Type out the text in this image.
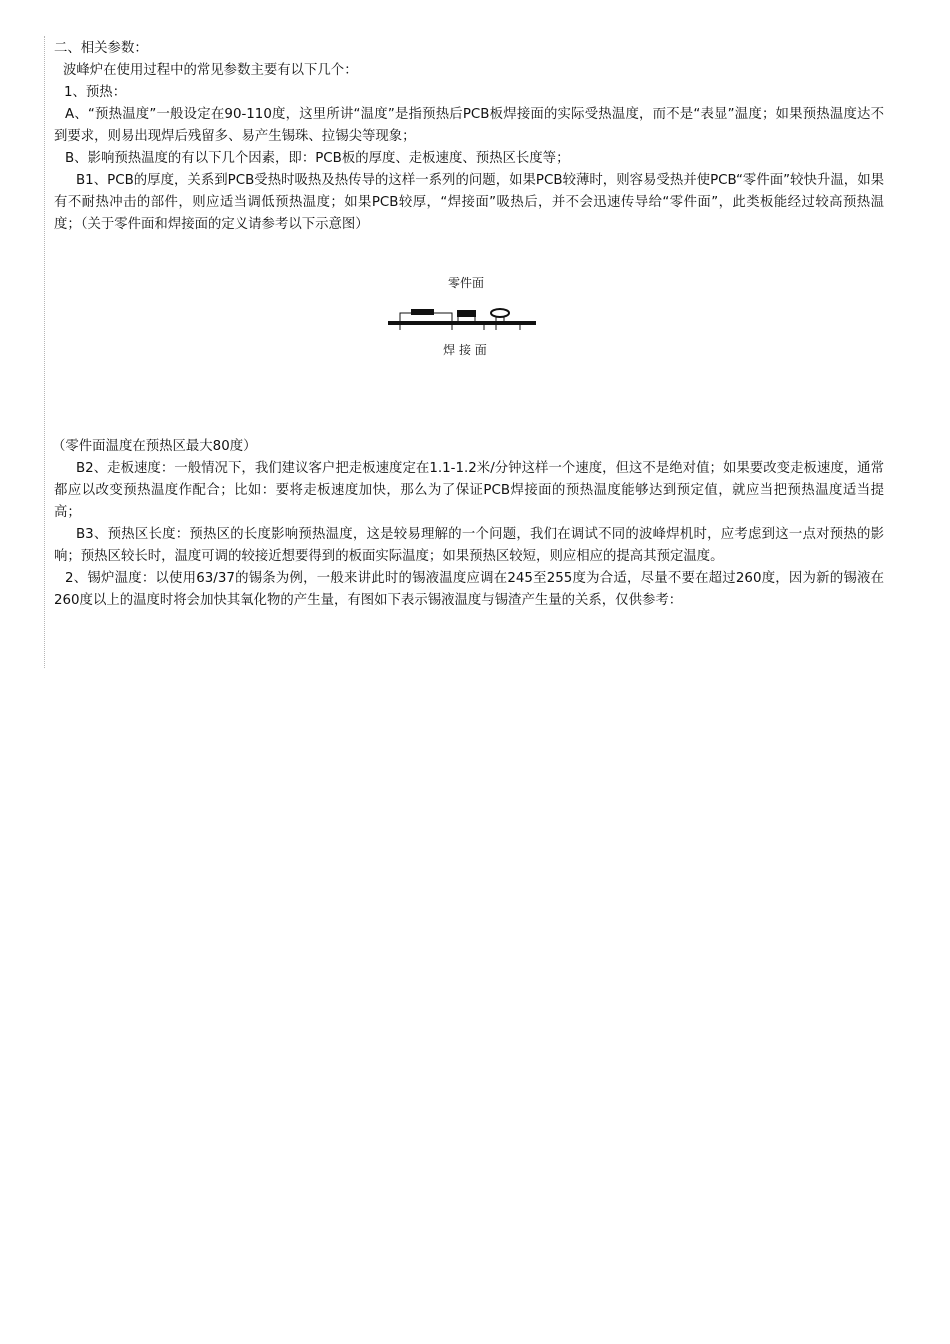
二、相关参数：
波峰炉在使用过程中的常见参数主要有以下几个：
1、预热：
A、“预热温度”一般设定在90-110度，这里所讲“温度”是指预热后PCB板焊接面的实际受热温度，而不是“表显”温度；如果预热温度达不到要求，则易出现焊后残留多、易产生锡珠、拉锡尖等现象；
B、影响预热温度的有以下几个因素，即：PCB板的厚度、走板速度、预热区长度等；
B1、PCB的厚度，关系到PCB受热时吸热及热传导的这样一系列的问题，如果PCB较薄时，则容易受热并使PCB“零件面”较快升温，如果有不耐热冲击的部件，则应适当调低预热温度；如果PCB较厚，“焊接面”吸热后，并不会迅速传导给“零件面”，此类板能经过较高预热温度；（关于零件面和焊接面的定义请参考以下示意图）
零件面
焊 接 面
（零件面温度在预热区最大80度）
B2、走板速度：一般情况下，我们建议客户把走板速度定在1.1-1.2米/分钟这样一个速度，但这不是绝对值；如果要改变走板速度，通常都应以改变预热温度作配合；比如：要将走板速度加快，那么为了保证PCB焊接面的预热温度能够达到预定值，就应当把预热温度适当提高；
B3、预热区长度：预热区的长度影响预热温度，这是较易理解的一个问题，我们在调试不同的波峰焊机时，应考虑到这一点对预热的影响；预热区较长时，温度可调的较接近想要得到的板面实际温度；如果预热区较短，则应相应的提高其预定温度。
2、锡炉温度：以使用63/37的锡条为例，一般来讲此时的锡液温度应调在245至255度为合适，尽量不要在超过260度，因为新的锡液在260度以上的温度时将会加快其氧化物的产生量，有图如下表示锡液温度与锡渣产生量的关系，仅供参考：
